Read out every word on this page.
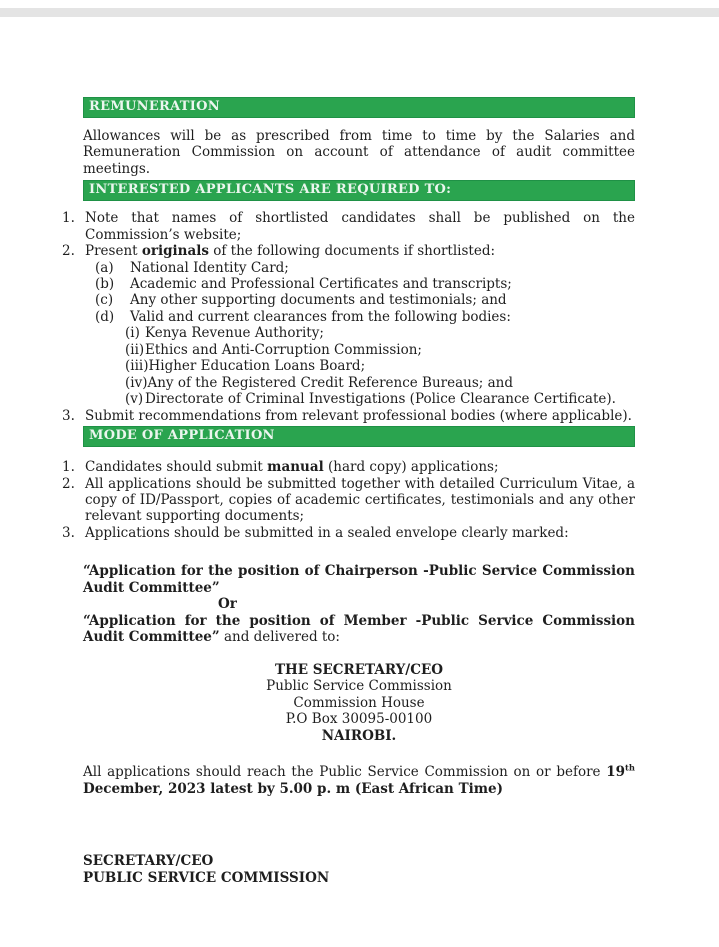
REMUNERATION
Allowances will be as prescribed from time to time by the Salaries and Remuneration Commission on account of attendance of audit committee meetings.
INTERESTED APPLICANTS ARE REQUIRED TO:
1. Note that names of shortlisted candidates shall be published on the Commission’s website;
2. Present originals of the following documents if shortlisted:
(a)	National Identity Card;
(b)	Academic and Professional Certificates and transcripts;
(c)	Any other supporting documents and testimonials; and
(d)	Valid and current clearances from the following bodies:
(i) Kenya Revenue Authority;
(ii) Ethics and Anti-Corruption Commission;
(iii) Higher Education Loans Board;
(iv) Any of the Registered Credit Reference Bureaus; and
(v) Directorate of Criminal Investigations (Police Clearance Certificate).
3. Submit recommendations from relevant professional bodies (where applicable).
MODE OF APPLICATION
1. Candidates should submit manual (hard copy) applications;
2. All applications should be submitted together with detailed Curriculum Vitae, a copy of ID/Passport, copies of academic certificates, testimonials and any other relevant supporting documents;
3. Applications should be submitted in a sealed envelope clearly marked:
“Application for the position of Chairperson -Public Service Commission Audit Committee”
Or
“Application for the position of Member -Public Service Commission Audit Committee” and delivered to:
THE SECRETARY/CEO
Public Service Commission
Commission House
P.O Box 30095-00100
NAIROBI.
All applications should reach the Public Service Commission on or before 19th December, 2023 latest by 5.00 p. m (East African Time)
SECRETARY/CEO
PUBLIC SERVICE COMMISSION
